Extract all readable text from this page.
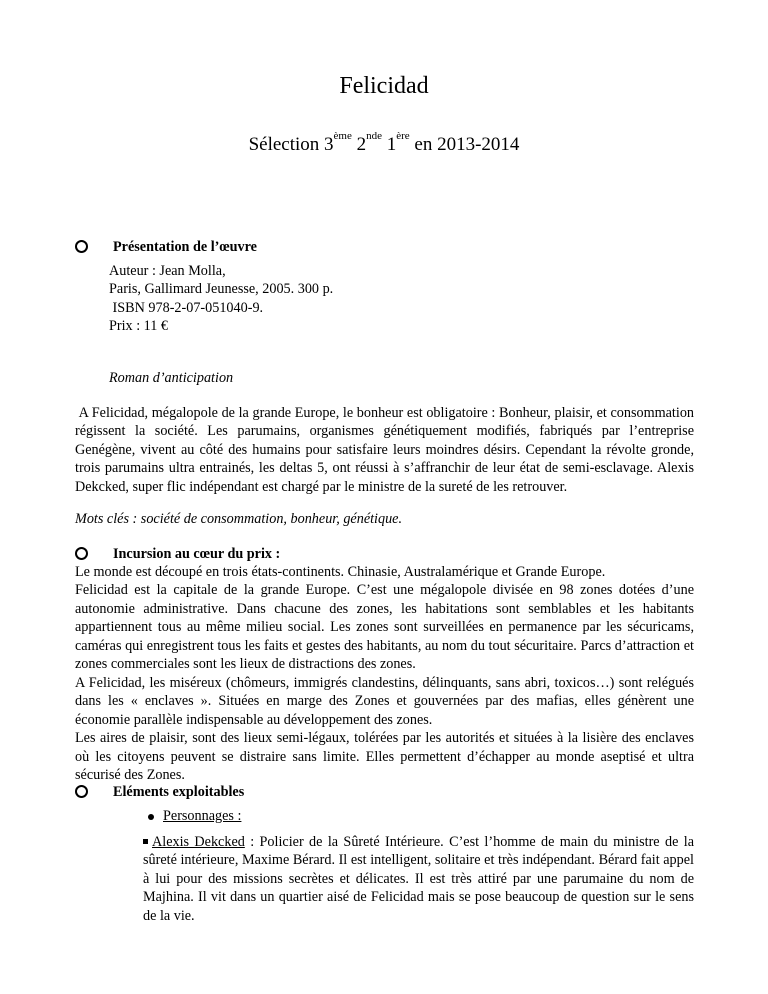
Felicidad
Sélection 3ème 2nde 1ère en 2013-2014
Présentation de l’œuvre

Auteur : Jean Molla,

Paris, Gallimard Jeunesse, 2005. 300 p.

ISBN 978-2-07-051040-9.

Prix : 11 €

Roman d’anticipation
A Felicidad, mégalopole de la grande Europe, le bonheur est obligatoire : Bonheur, plaisir, et consommation régissent la société. Les parumains, organismes génétiquement modifiés, fabriqués par l’entreprise Genégène, vivent au côté des humains pour satisfaire leurs moindres désirs. Cependant la révolte gronde, trois parumains ultra entrainés, les deltas 5, ont réussi à s’affranchir de leur état de semi-esclavage. Alexis Dekcked, super flic indépendant est chargé par le ministre de la sureté de les retrouver.
Mots clés : société de consommation, bonheur, génétique.
Incursion au cœur du prix :

Le monde est découpé en trois états-continents. Chinasie, Australamérique et Grande Europe.

Felicidad est la capitale de la grande Europe. C’est une mégalopole divisée en 98 zones dotées d’une autonomie administrative. Dans chacune des zones, les habitations sont semblables et les habitants appartiennent tous au même milieu social. Les zones sont surveillées en permanence par les sécuricams, caméras qui enregistrent tous les faits et gestes des habitants, au nom du tout sécuritaire. Parcs d’attraction et zones commerciales sont les lieux de distractions des zones.

A Felicidad, les miséreux (chômeurs, immigrés clandestins, délinquants, sans abri, toxicos…) sont relégués dans les « enclaves ». Situées en marge des Zones et gouvernées par des mafias, elles génèrent une économie parallèle indispensable au développement des zones.

Les aires de plaisir, sont des lieux semi-légaux, tolérées par les autorités et situées à la lisière des enclaves où les citoyens peuvent se distraire sans limite. Elles permettent d’échapper au monde aseptisé et ultra sécurisé des Zones.

Eléments exploitables
Personnages :
Alexis Dekcked : Policier de la Sûreté Intérieure. C’est l’homme de main du ministre de la sûreté intérieure, Maxime Bérard. Il est intelligent, solitaire et très indépendant. Bérard fait appel à lui pour des missions secrètes et délicates. Il est très attiré par une parumaine du nom de Majhina. Il vit dans un quartier aisé de Felicidad mais se pose beaucoup de question sur le sens de la vie.
